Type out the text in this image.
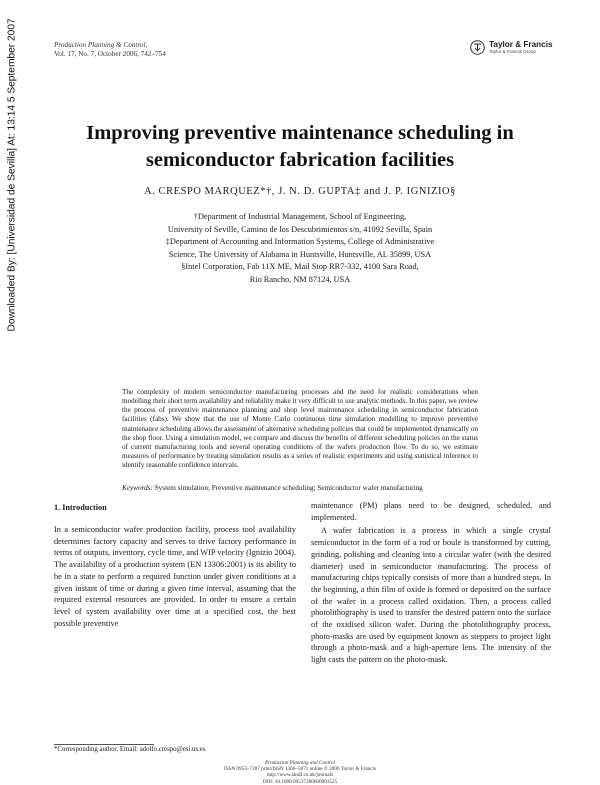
Downloaded By: [Universidad de Sevilla] At: 13:14 5 September 2007	Production Planning & Control,
Vol. 17, No. 7, October 2006, 742–754
Taylor & Francis
Taylor & Francis Group
Improving preventive maintenance scheduling in
semiconductor fabrication facilities
A. CRESPO MARQUEZ*†, J. N. D. GUPTA‡ and J. P. IGNIZIO§
†Department of Industrial Management, School of Engineering,
University of Seville, Camino de los Descubrimientos s/n, 41092 Sevilla, Spain
‡Department of Accounting and Information Systems, College of Administrative
Science, The University of Alabama in Huntsville, Huntsville, AL 35899, USA
§Intel Corporation, Fab 11X ME, Mail Stop RR7-332, 4100 Sara Road,
Rio Rancho, NM 87124, USA
The complexity of modern semiconductor manufacturing processes and the need for realistic considerations when modelling their short term availability and reliability make it very difficult to use analytic methods. In this paper, we review the process of preventive maintenance planning and shop level maintenance scheduling in semiconductor fabrication facilities (fabs). We show that the use of Monte Carlo continuous time simulation modelling to improve preventive maintenance scheduling allows the assessment of alternative scheduling policies that could be implemented dynamically on the shop floor. Using a simulation model, we compare and discuss the benefits of different scheduling policies on the status of current manufacturing tools and several operating conditions of the wafers production flow. To do so, we estimate measures of performance by treating simulation results as a series of realistic experiments and using statistical inference to identify reasonable confidence intervals.
Keywords: System simulation; Preventive maintenance scheduling; Semiconductor wafer manufacturing
1. Introduction

In a semiconductor wafer production facility, process tool availability determines factory capacity and serves to drive factory performance in terms of outputs, inventory, cycle time, and WIP velocity (Ignizio 2004). The availability of a production system (EN 13306:2001) is its ability to be in a state to perform a required function under given conditions at a given instant of time or during a given time interval, assuming that the required external resources are provided. In order to ensure a certain level of system availability over time at a specified cost, the best possible preventive

maintenance (PM) plans need to be designed, scheduled, and implemented.

A wafer fabrication is a process in which a single crystal semiconductor in the form of a rod or boule is transformed by cutting, grinding, polishing and cleaning into a circular wafer (with the desired diameter) used in semiconductor manufacturing. The process of manufacturing chips typically consists of more than a hundred steps. In the beginning, a thin film of oxide is formed or deposited on the surface of the wafer in a process called oxidation. Then, a process called photolithography is used to transfer the desired pattern onto the surface of the oxidised silicon wafer. During the photolithography process, photo-masks are used by equipment known as steppers to project light through a photo-mask and a high-aperture lens. The intensity of the light casts the pattern on the photo-mask.

*Corresponding author. Email: adolfo.crespo@esi.us.es
Production Planning and Control
ISSN 0953–7287 print/ISSN 1366–5871 online © 2006 Taylor & Francis
http://www.tandf.co.uk/journals
DOI: 10.1080/09537280600901525
